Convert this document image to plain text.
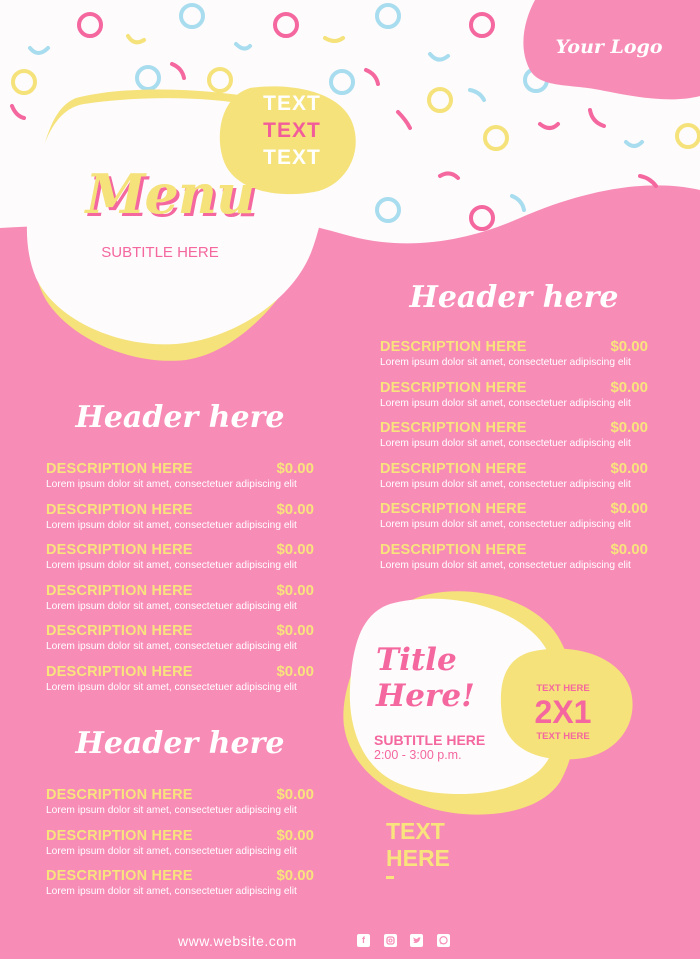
Your Logo
TEXT
TEXT
TEXT
Menu
SUBTITLE HERE
Header here
DESCRIPTION HERE	$0.00
Lorem ipsum dolor sit amet, consectetuer adipiscing elit
DESCRIPTION HERE	$0.00
Lorem ipsum dolor sit amet, consectetuer adipiscing elit
DESCRIPTION HERE	$0.00
Lorem ipsum dolor sit amet, consectetuer adipiscing elit
DESCRIPTION HERE	$0.00
Lorem ipsum dolor sit amet, consectetuer adipiscing elit
DESCRIPTION HERE	$0.00
Lorem ipsum dolor sit amet, consectetuer adipiscing elit
DESCRIPTION HERE	$0.00
Lorem ipsum dolor sit amet, consectetuer adipiscing elit
Header here
DESCRIPTION HERE	$0.00
Lorem ipsum dolor sit amet, consectetuer adipiscing elit
DESCRIPTION HERE	$0.00
Lorem ipsum dolor sit amet, consectetuer adipiscing elit
DESCRIPTION HERE	$0.00
Lorem ipsum dolor sit amet, consectetuer adipiscing elit
DESCRIPTION HERE	$0.00
Lorem ipsum dolor sit amet, consectetuer adipiscing elit
DESCRIPTION HERE	$0.00
Lorem ipsum dolor sit amet, consectetuer adipiscing elit
DESCRIPTION HERE	$0.00
Lorem ipsum dolor sit amet, consectetuer adipiscing elit
Header here
DESCRIPTION HERE	$0.00
Lorem ipsum dolor sit amet, consectetuer adipiscing elit
DESCRIPTION HERE	$0.00
Lorem ipsum dolor sit amet, consectetuer adipiscing elit
DESCRIPTION HERE	$0.00
Lorem ipsum dolor sit amet, consectetuer adipiscing elit
Title
Here!
SUBTITLE HERE
2:00 - 3:00 p.m.
TEXT HERE
2X1
TEXT HERE
TEXT
HERE
www.website.com	f
